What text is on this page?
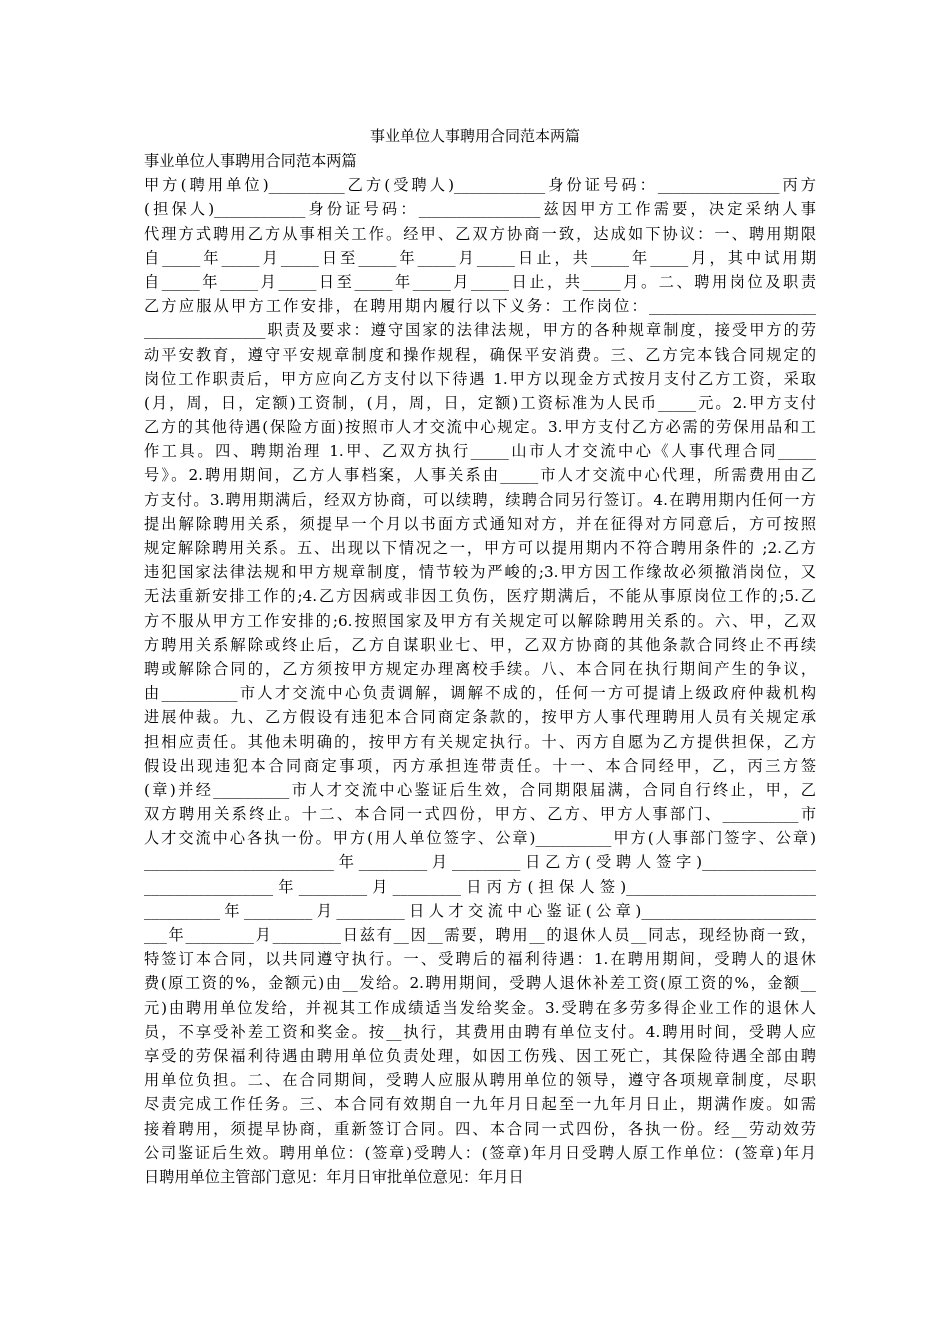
事业单位人事聘用合同范本两篇
事业单位人事聘用合同范本两篇
甲方(聘用单位)__________乙方(受聘人)____________身份证号码：________________丙方
(担保人)____________身份证号码：________________兹因甲方工作需要，决定采纳人事
代理方式聘用乙方从事相关工作。经甲、乙双方协商一致，达成如下协议：一、聘用期限
自_____年_____月_____日至_____年_____月_____日止，共_____年_____月，其中试用期
自_____年_____月_____日至_____年_____月_____日止，共_____月。二、聘用岗位及职责
乙方应服从甲方工作安排，在聘用期内履行以下义务：工作岗位：______________________
________________职责及要求：遵守国家的法律法规，甲方的各种规章制度，接受甲方的劳
动平安教育，遵守平安规章制度和操作规程，确保平安消费。三、乙方完本钱合同规定的
岗位工作职责后，甲方应向乙方支付以下待遇 1.甲方以现金方式按月支付乙方工资，采取
(月，周，日，定额)工资制，(月，周，日，定额)工资标准为人民币_____元。2.甲方支付
乙方的其他待遇(保险方面)按照市人才交流中心规定。3.甲方支付乙方必需的劳保用品和工
作工具。四、聘期治理 1.甲、乙双方执行_____山市人才交流中心《人事代理合同_____
号》。2.聘用期间，乙方人事档案，人事关系由_____市人才交流中心代理，所需费用由乙
方支付。3.聘用期满后，经双方协商，可以续聘，续聘合同另行签订。4.在聘用期内任何一方
提出解除聘用关系，须提早一个月以书面方式通知对方，并在征得对方同意后，方可按照
规定解除聘用关系。五、出现以下情况之一，甲方可以提用期内不符合聘用条件的 ;2.乙方
违犯国家法律法规和甲方规章制度，情节较为严峻的;3.甲方因工作缘故必须撤消岗位，又
无法重新安排工作的;4.乙方因病或非因工负伤，医疗期满后，不能从事原岗位工作的;5.乙
方不服从甲方工作安排的;6.按照国家及甲方有关规定可以解除聘用关系的。六、甲，乙双
方聘用关系解除或终止后，乙方自谋职业七、甲，乙双方协商的其他条款合同终止不再续
聘或解除合同的，乙方须按甲方规定办理离校手续。八、本合同在执行期间产生的争议，
由__________市人才交流中心负责调解，调解不成的，任何一方可提请上级政府仲裁机构
进展仲裁。九、乙方假设有违犯本合同商定条款的，按甲方人事代理聘用人员有关规定承
担相应责任。其他未明确的，按甲方有关规定执行。十、丙方自愿为乙方提供担保，乙方
假设出现违犯本合同商定事项，丙方承担连带责任。十一、本合同经甲，乙，丙三方签
(章)并经__________市人才交流中心鉴证后生效，合同期限届满，合同自行终止，甲，乙
双方聘用关系终止。十二、本合同一式四份，甲方、乙方、甲方人事部门、__________市
人才交流中心各执一份。甲方(用人单位签字、公章)__________甲方(人事部门签字、公章)
_________________________年_________月_________日乙方(受聘人签字)_______________
_________________年_________月_________日丙方(担保人签)_________________________
__________年_________月_________日人才交流中心鉴证(公章)_______________________
___年_________月_________日兹有__因__需要，聘用__的退休人员__同志，现经协商一致，
特签订本合同，以共同遵守执行。一、受聘后的福利待遇：1.在聘用期间，受聘人的退休
费(原工资的%，金额元)由__发给。2.聘用期间，受聘人退休补差工资(原工资的%，金额__
元)由聘用单位发给，并视其工作成绩适当发给奖金。3.受聘在多劳多得企业工作的退休人
员，不享受补差工资和奖金。按__执行，其费用由聘有单位支付。4.聘用时间，受聘人应
享受的劳保福利待遇由聘用单位负责处理，如因工伤残、因工死亡，其保险待遇全部由聘
用单位负担。二、在合同期间，受聘人应服从聘用单位的领导，遵守各项规章制度，尽职
尽责完成工作任务。三、本合同有效期自一九年月日起至一九年月日止，期满作废。如需
接着聘用，须提早协商，重新签订合同。四、本合同一式四份，各执一份。经__劳动效劳
公司鉴证后生效。聘用单位：(签章)受聘人：(签章)年月日受聘人原工作单位：(签章)年月
日聘用单位主管部门意见：年月日审批单位意见：年月日
